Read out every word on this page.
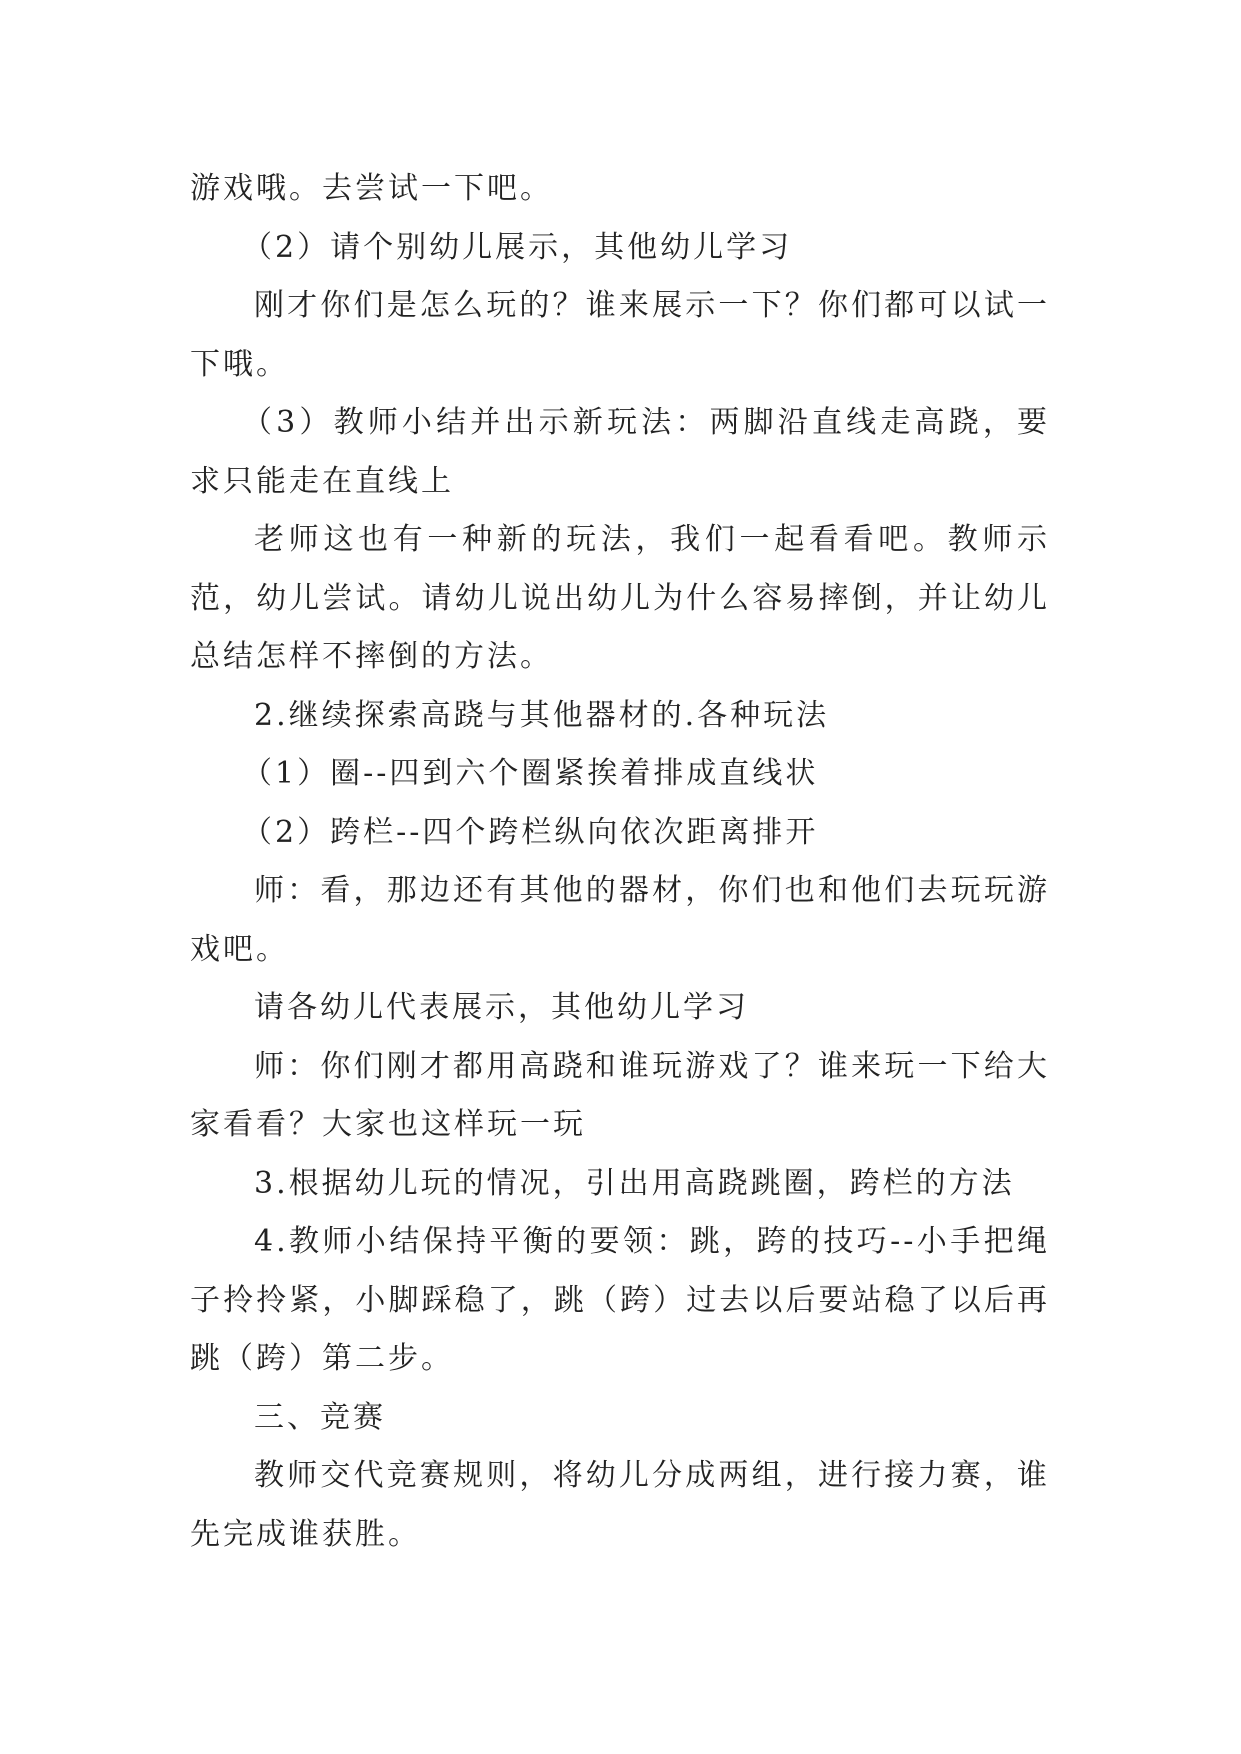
游戏哦。去尝试一下吧。

（2）请个别幼儿展示，其他幼儿学习

刚才你们是怎么玩的？谁来展示一下？你们都可以试一下哦。

（3）教师小结并出示新玩法：两脚沿直线走高跷，要求只能走在直线上

老师这也有一种新的玩法，我们一起看看吧。教师示范，幼儿尝试。请幼儿说出幼儿为什么容易摔倒，并让幼儿总结怎样不摔倒的方法。

2.继续探索高跷与其他器材的.各种玩法

（1）圈--四到六个圈紧挨着排成直线状

（2）跨栏--四个跨栏纵向依次距离排开

师：看，那边还有其他的器材，你们也和他们去玩玩游戏吧。

请各幼儿代表展示，其他幼儿学习

师：你们刚才都用高跷和谁玩游戏了？谁来玩一下给大家看看？大家也这样玩一玩

3.根据幼儿玩的情况，引出用高跷跳圈，跨栏的方法

4.教师小结保持平衡的要领：跳，跨的技巧--小手把绳子拎拎紧，小脚踩稳了，跳（跨）过去以后要站稳了以后再跳（跨）第二步。

三、竞赛

教师交代竞赛规则，将幼儿分成两组，进行接力赛，谁先完成谁获胜。
